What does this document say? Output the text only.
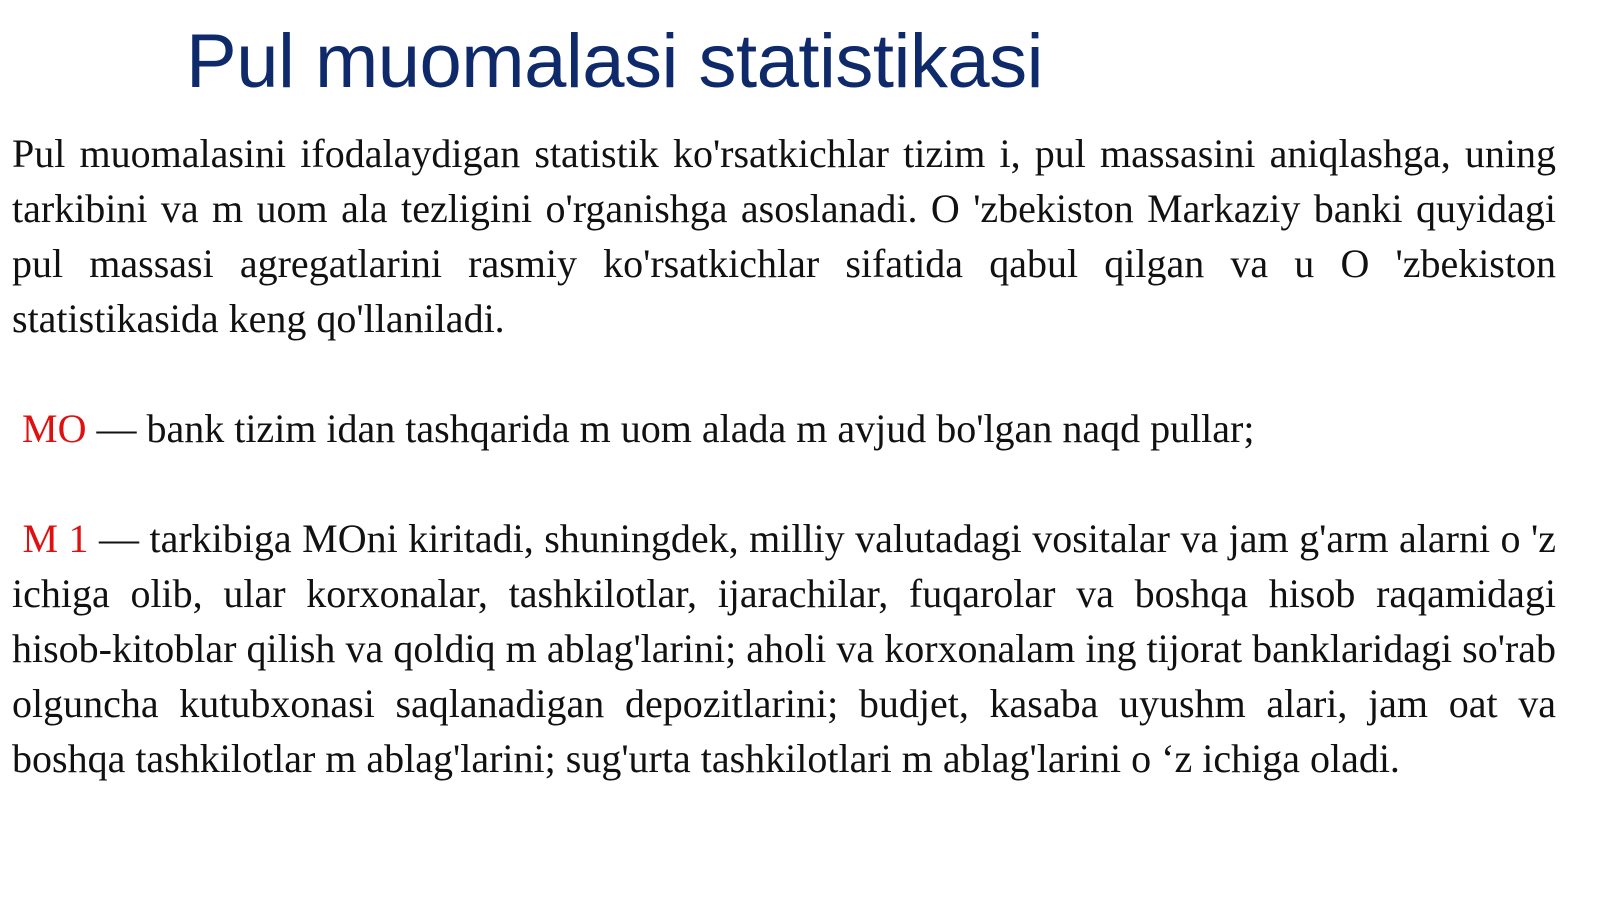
Pul muomalasi statistikasi

Pul muomalasini ifodalaydigan statistik ko'rsatkichlar tizim i, pul massasini aniqlashga, uning tarkibini va m uom ala tezligini o'rganishga asoslanadi. O 'zbekiston Markaziy banki quyidagi pul massasi agregatlarini rasmiy ko'rsatkichlar sifatida qabul qilgan va u O 'zbekiston statistikasida keng qo'llaniladi.

MO — bank tizim idan tashqarida m uom alada m avjud bo'lgan naqd pullar;

M 1 — tarkibiga MOni kiritadi, shuningdek, milliy valutadagi vositalar va jam g'arm alarni o 'z ichiga olib, ular korxonalar, tashkilotlar, ijarachilar, fuqarolar va boshqa hisob raqamidagi hisob-kitoblar qilish va qoldiq m ablag'larini; aholi va korxonalam ing tijorat banklaridagi so'rab olguncha kutubxonasi saqlanadigan depozitlarini; budjet, kasaba uyushm alari, jam oat va boshqa tashkilotlar m ablag'larini; sug'urta tashkilotlari m ablag'larini o ‘z ichiga oladi.
